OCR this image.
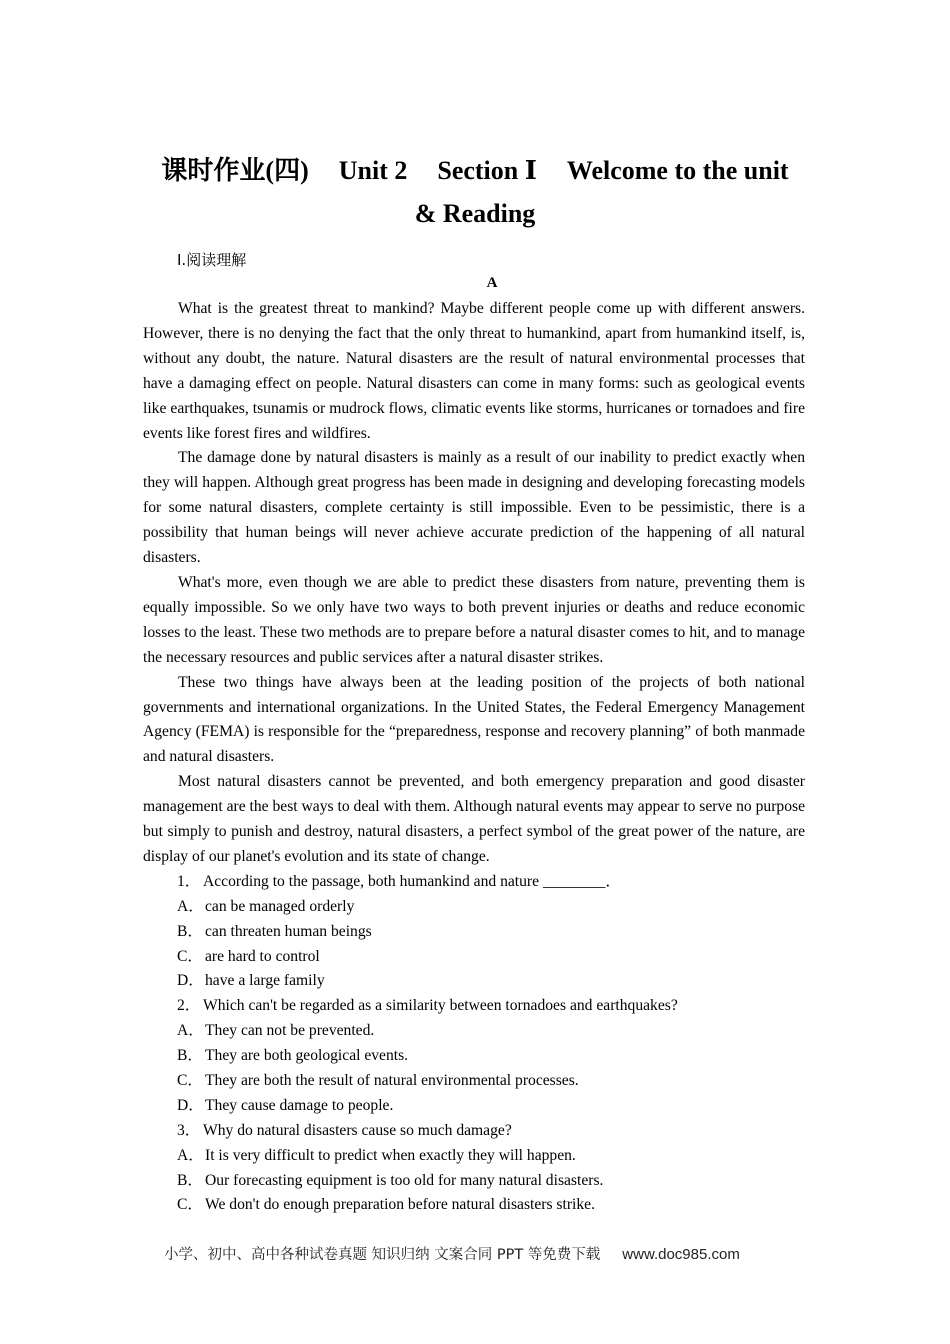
课时作业(四) Unit 2 Section Ⅰ Welcome to the unit
& Reading
Ⅰ.阅读理解
A

What is the greatest threat to mankind? Maybe different people come up with different answers. However, there is no denying the fact that the only threat to humankind, apart from humankind itself, is, without any doubt, the nature. Natural disasters are the result of natural environmental processes that have a damaging effect on people. Natural disasters can come in many forms: such as geological events like earthquakes, tsunamis or mudrock flows, climatic events like storms, hurricanes or tornadoes and fire events like forest fires and wildfires.

The damage done by natural disasters is mainly as a result of our inability to predict exactly when they will happen. Although great progress has been made in designing and developing forecasting models for some natural disasters, complete certainty is still impossible. Even to be pessimistic, there is a possibility that human beings will never achieve accurate prediction of the happening of all natural disasters.

What's more, even though we are able to predict these disasters from nature, preventing them is equally impossible. So we only have two ways to both prevent injuries or deaths and reduce economic losses to the least. These two methods are to prepare before a natural disaster comes to hit, and to manage the necessary resources and public services after a natural disaster strikes.

These two things have always been at the leading position of the projects of both national governments and international organizations. In the United States, the Federal Emergency Management Agency (FEMA) is responsible for the “preparedness, response and recovery planning” of both manmade and natural disasters.

Most natural disasters cannot be prevented, and both emergency preparation and good disaster management are the best ways to deal with them. Although natural events may appear to serve no purpose but simply to punish and destroy, natural disasters, a perfect symbol of the great power of the nature, are display of our planet's evolution and its state of change.

1． According to the passage, both humankind and nature ________．
A．can be managed orderly
B． can threaten human beings
C． are hard to control
D．have a large family
2． Which can't be regarded as a similarity between tornadoes and earthquakes?
A．They can not be prevented.
B． They are both geological events.
C． They are both the result of natural environmental processes.
D．They cause damage to people.
3． Why do natural disasters cause so much damage?
A．It is very difficult to predict when exactly they will happen.
B． Our forecasting equipment is too old for many natural disasters.
C． We don't do enough preparation before natural disasters strike.
小学、初中、高中各种试卷真题 知识归纳 文案合同 PPT 等免费下载 www.doc985.com
